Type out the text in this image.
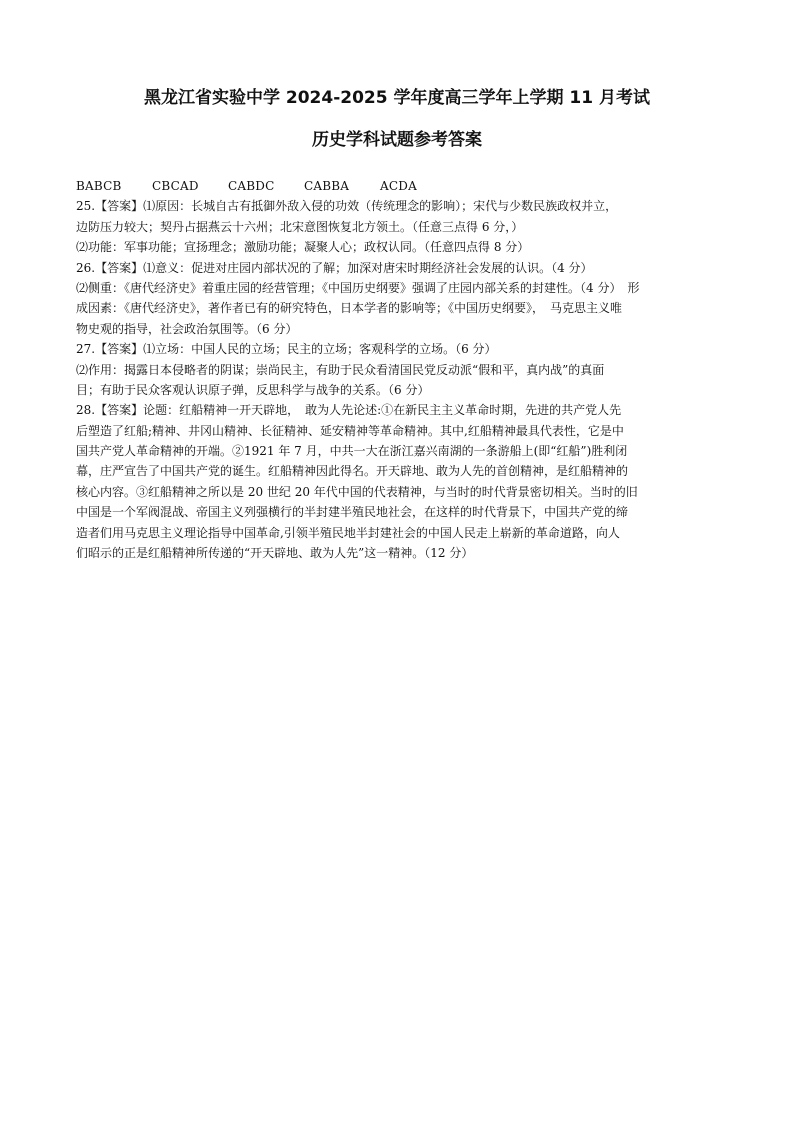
黑龙江省实验中学 2024-2025 学年度高三学年上学期 11 月考试
历史学科试题参考答案
BABCB	CBCAD	CABDC	CABBA	ACDA
25.【答案】⑴原因：长城自古有抵御外敌入侵的功效（传统理念的影响）；宋代与少数民族政权并立，
边防压力较大；契丹占据燕云十六州；北宋意图恢复北方领土。（任意三点得 6 分，）
⑵功能：军事功能；宣扬理念；激励功能；凝聚人心；政权认同。（任意四点得 8 分）
26.【答案】⑴意义：促进对庄园内部状况的了解；加深对唐宋时期经济社会发展的认识。（4 分）
⑵侧重：《唐代经济史》着重庄园的经营管理；《中国历史纲要》强调了庄园内部关系的封建性。（4 分）　形
成因素：《唐代经济史》，著作者已有的研究特色，日本学者的影响等；《中国历史纲要》，　马克思主义唯
物史观的指导，社会政治氛围等。（6 分）
27.【答案】⑴立场：中国人民的立场；民主的立场；客观科学的立场。（6 分）
⑵作用：揭露日本侵略者的阴谋；崇尚民主，有助于民众看清国民党反动派“假和平，真内战”的真面
目；有助于民众客观认识原子弹，反思科学与战争的关系。（6 分）
28.【答案】论题：红船精神一开天辟地，　敢为人先论述:①在新民主主义革命时期，先进的共产党人先
后塑造了红船;精神、井冈山精神、长征精神、延安精神等革命精神。其中,红船精神最具代表性，它是中
国共产党人革命精神的开端。②1921 年 7 月，中共一大在浙江嘉兴南湖的一条游船上(即“红船”)胜利闭
幕，庄严宣告了中国共产党的诞生。红船精神因此得名。开天辟地、敢为人先的首创精神，是红船精神的
核心内容。③红船精神之所以是 20 世纪 20 年代中国的代表精神，与当时的时代背景密切相关。当时的旧
中国是一个军阀混战、帝国主义列强横行的半封建半殖民地社会，在这样的时代背景下，中国共产党的缔
造者们用马克思主义理论指导中国革命,引领半殖民地半封建社会的中国人民走上崭新的革命道路，向人
们昭示的正是红船精神所传递的“开天辟地、敢为人先”这一精神。（12 分）
